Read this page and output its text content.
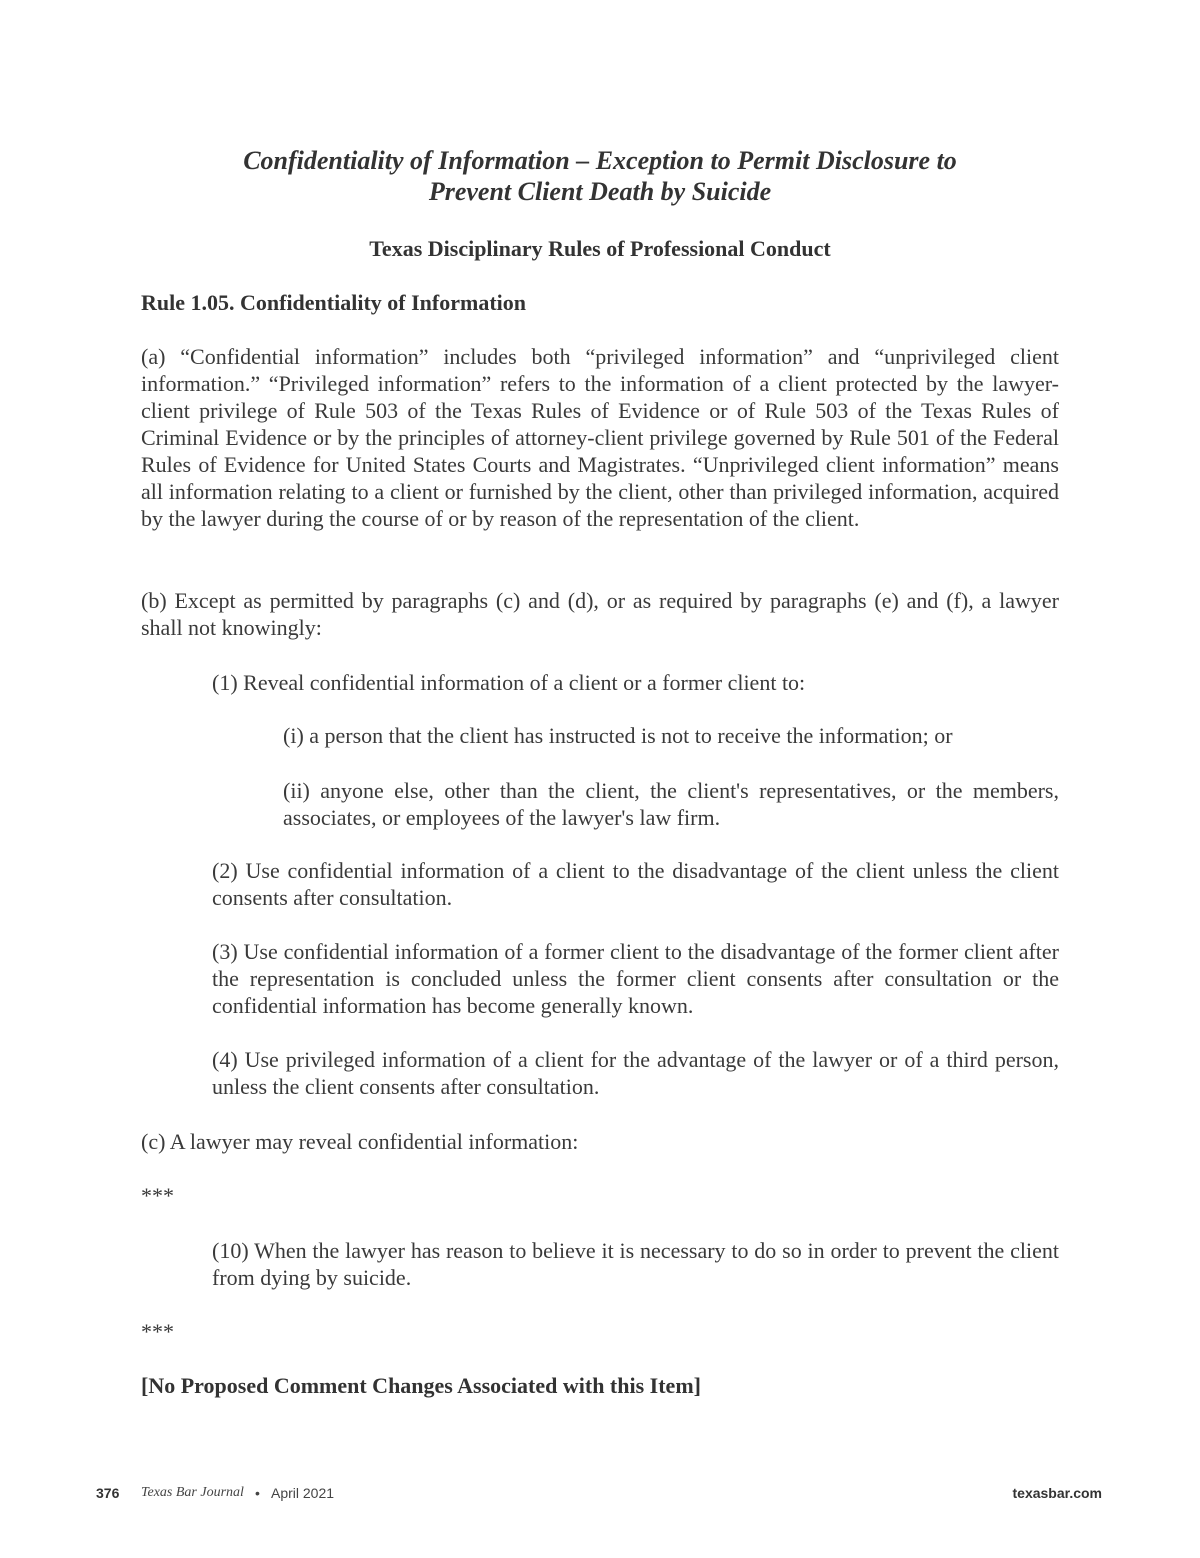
Confidentiality of Information – Exception to Permit Disclosure to
Prevent Client Death by Suicide
Texas Disciplinary Rules of Professional Conduct
Rule 1.05. Confidentiality of Information
(a) “Confidential information” includes both “privileged information” and “unprivileged client information.” “Privileged information” refers to the information of a client protected by the lawyer-client privilege of Rule 503 of the Texas Rules of Evidence or of Rule 503 of the Texas Rules of Criminal Evidence or by the principles of attorney-client privilege governed by Rule 501 of the Federal Rules of Evidence for United States Courts and Magistrates. “Unprivileged client information” means all information relating to a client or furnished by the client, other than privileged information, acquired by the lawyer during the course of or by reason of the representation of the client.
(b) Except as permitted by paragraphs (c) and (d), or as required by paragraphs (e) and (f), a lawyer shall not knowingly:
(1) Reveal confidential information of a client or a former client to:
(i) a person that the client has instructed is not to receive the information; or
(ii) anyone else, other than the client, the client's representatives, or the members, associates, or employees of the lawyer's law firm.
(2) Use confidential information of a client to the disadvantage of the client unless the client consents after consultation.
(3) Use confidential information of a former client to the disadvantage of the former client after the representation is concluded unless the former client consents after consultation or the confidential information has become generally known.
(4) Use privileged information of a client for the advantage of the lawyer or of a third person, unless the client consents after consultation.
(c) A lawyer may reveal confidential information:
***
(10) When the lawyer has reason to believe it is necessary to do so in order to prevent the client from dying by suicide.
***
[No Proposed Comment Changes Associated with this Item]
376 Texas Bar Journal • April 2021	texasbar.com
